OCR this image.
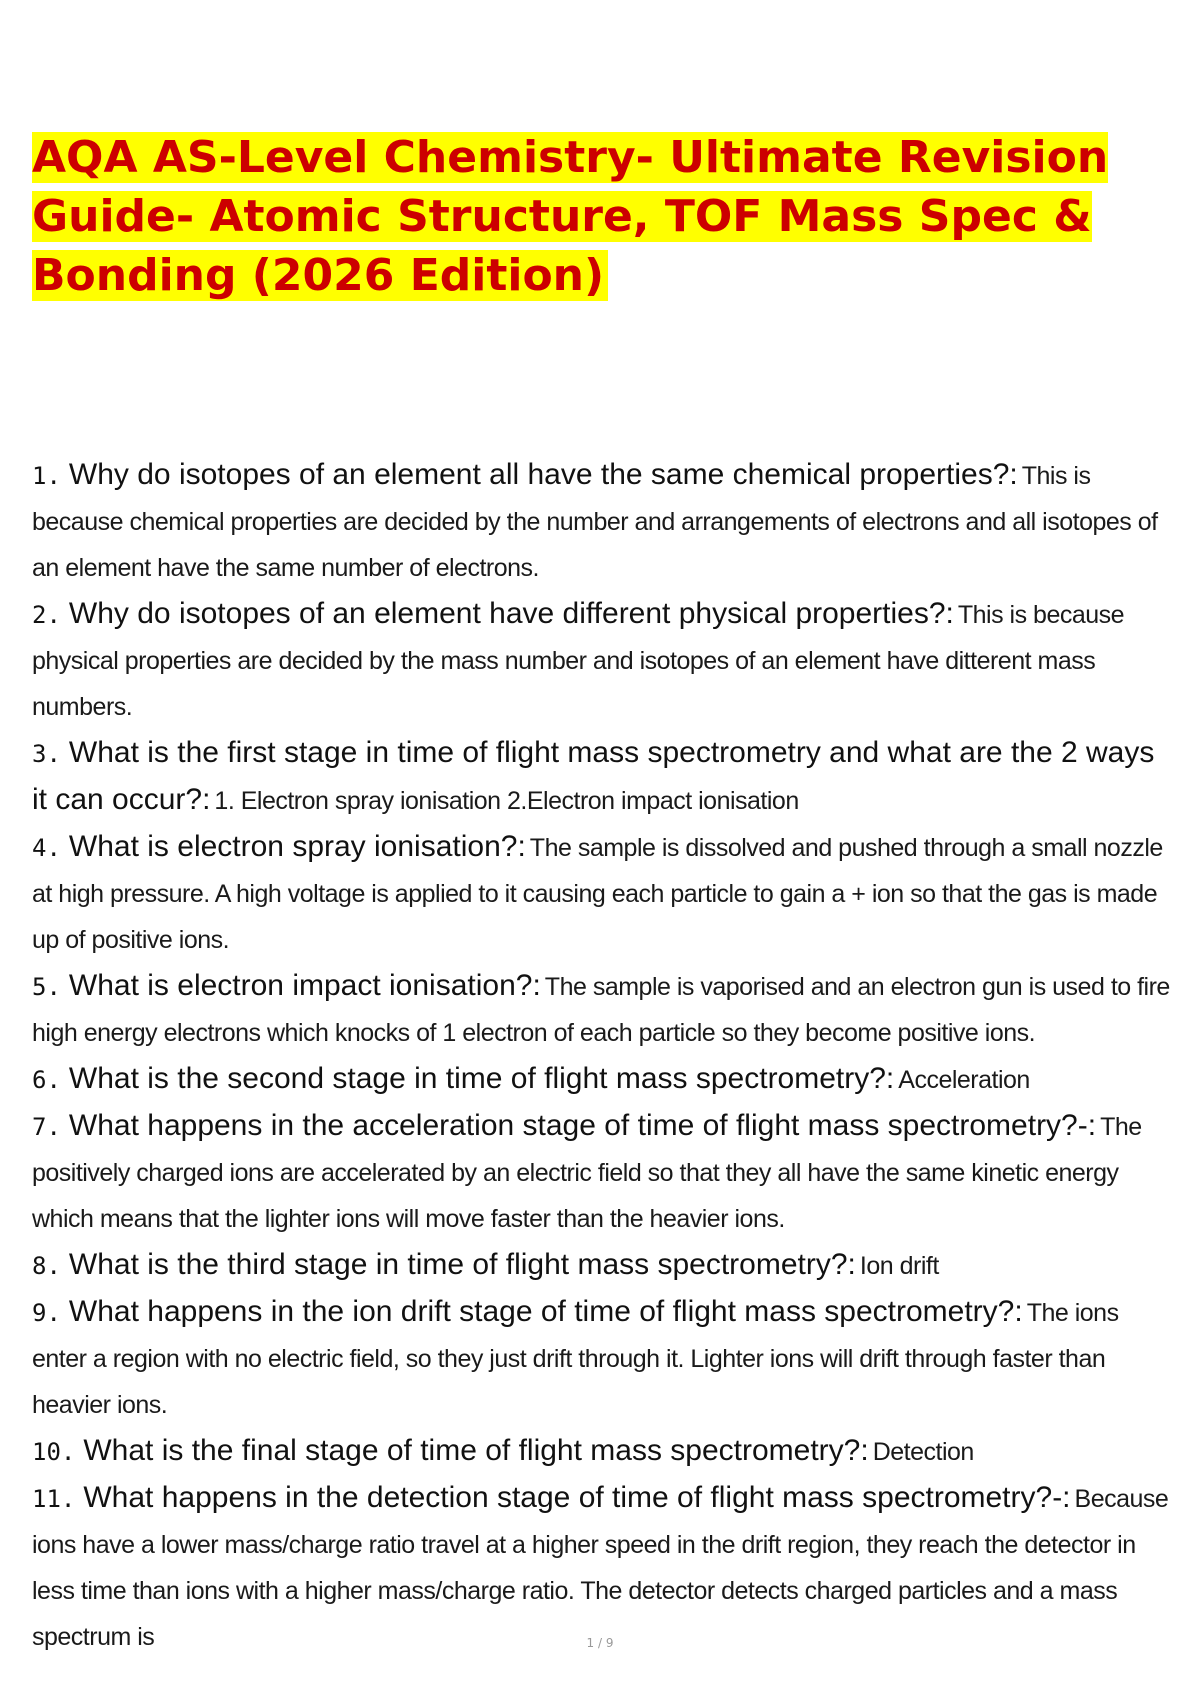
AQA AS-Level Chemistry- Ultimate Revision Guide- Atomic Structure, TOF Mass Spec & Bonding (2026 Edition)

1. Why do isotopes of an element all have the same chemical properties?: This is because chemical properties are decided by the number and arrangements of electrons and all isotopes of an element have the same number of electrons.

2. Why do isotopes of an element have different physical properties?: This is because physical properties are decided by the mass number and isotopes of an element have ditterent mass numbers.

3. What is the first stage in time of flight mass spectrometry and what are the 2 ways it can occur?: 1. Electron spray ionisation 2.Electron impact ionisation

4. What is electron spray ionisation?: The sample is dissolved and pushed through a small nozzle at high pressure. A high voltage is applied to it causing each particle to gain a + ion so that the gas is made up of positive ions.

5. What is electron impact ionisation?: The sample is vaporised and an electron gun is used to fire high energy electrons which knocks of 1 electron of each particle so they become positive ions.

6. What is the second stage in time of flight mass spectrometry?: Acceleration

7. What happens in the acceleration stage of time of flight mass spectrometry?-: The positively charged ions are accelerated by an electric field so that they all have the same kinetic energy which means that the lighter ions will move faster than the heavier ions.

8. What is the third stage in time of flight mass spectrometry?: Ion drift

9. What happens in the ion drift stage of time of flight mass spectrometry?: The ions enter a region with no electric field, so they just drift through it. Lighter ions will drift through faster than heavier ions.

10. What is the final stage of time of flight mass spectrometry?: Detection

11. What happens in the detection stage of time of flight mass spectrometry?-: Because ions have a lower mass/charge ratio travel at a higher speed in the drift region, they reach the detector in less time than ions with a higher mass/charge ratio. The detector detects charged particles and a mass spectrum is	1 / 9
